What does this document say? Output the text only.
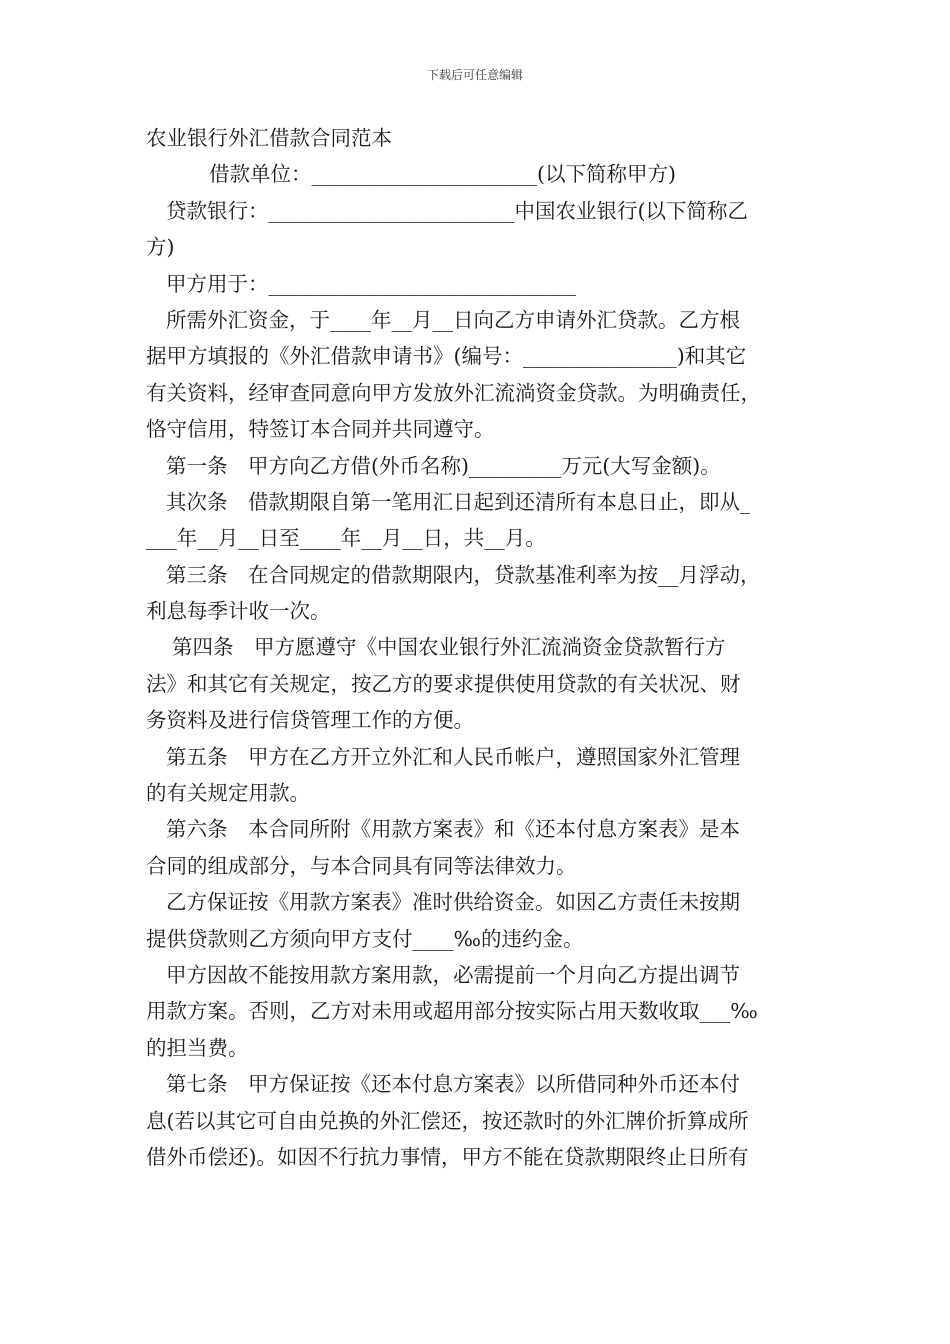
下载后可任意编辑
农业银行外汇借款合同范本
借款单位：______________________(以下简称甲方)
贷款银行：________________________中国农业银行(以下简称乙
方)
甲方用于：______________________________
所需外汇资金，于____年__月__日向乙方申请外汇贷款。乙方根
据甲方填报的《外汇借款申请书》(编号：_______________)和其它
有关资料，经审查同意向甲方发放外汇流淌资金贷款。为明确责任，
恪守信用，特签订本合同并共同遵守。
第一条　甲方向乙方借(外币名称)_________万元(大写金额)。
其次条　借款期限自第一笔用汇日起到还清所有本息日止，即从_
___年__月__日至____年__月__日，共__月。
第三条　在合同规定的借款期限内，贷款基准利率为按__月浮动，
利息每季计收一次。
第四条　甲方愿遵守《中国农业银行外汇流淌资金贷款暂行方
法》和其它有关规定，按乙方的要求提供使用贷款的有关状况、财
务资料及进行信贷管理工作的方便。
第五条　甲方在乙方开立外汇和人民币帐户，遵照国家外汇管理
的有关规定用款。
第六条　本合同所附《用款方案表》和《还本付息方案表》是本
合同的组成部分，与本合同具有同等法律效力。
乙方保证按《用款方案表》准时供给资金。如因乙方责任未按期
提供贷款则乙方须向甲方支付____‰的违约金。
甲方因故不能按用款方案用款，必需提前一个月向乙方提出调节
用款方案。否则，乙方对未用或超用部分按实际占用天数收取___‰
的担当费。
第七条　甲方保证按《还本付息方案表》以所借同种外币还本付
息(若以其它可自由兑换的外汇偿还，按还款时的外汇牌价折算成所
借外币偿还)。如因不行抗力事情，甲方不能在贷款期限终止日所有
